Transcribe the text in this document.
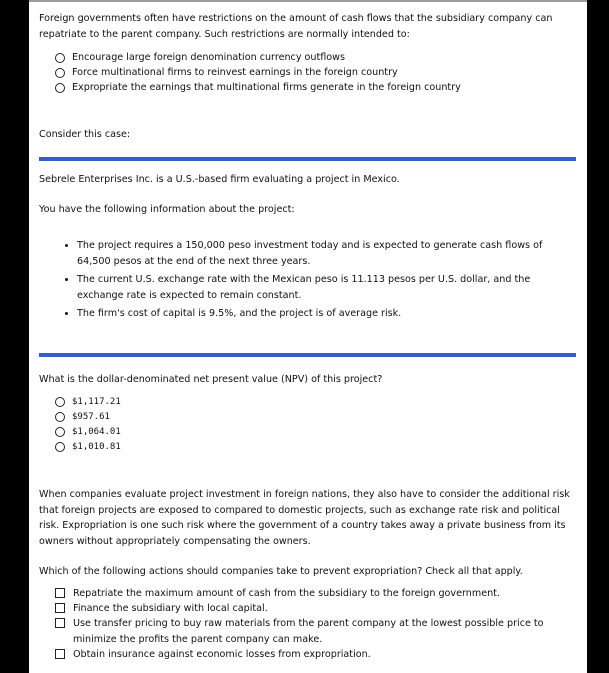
Foreign governments often have restrictions on the amount of cash flows that the subsidiary company can repatriate to the parent company. Such restrictions are normally intended to:
Encourage large foreign denomination currency outflows
Force multinational firms to reinvest earnings in the foreign country
Expropriate the earnings that multinational firms generate in the foreign country
Consider this case:
Sebrele Enterprises Inc. is a U.S.-based firm evaluating a project in Mexico.
You have the following information about the project:
• The project requires a 150,000 peso investment today and is expected to generate cash flows of 64,500 pesos at the end of the next three years.
• The current U.S. exchange rate with the Mexican peso is 11.113 pesos per U.S. dollar, and the exchange rate is expected to remain constant.
• The firm's cost of capital is 9.5%, and the project is of average risk.
What is the dollar-denominated net present value (NPV) of this project?
$1,117.21
$957.61
$1,064.01
$1,010.81
When companies evaluate project investment in foreign nations, they also have to consider the additional risk that foreign projects are exposed to compared to domestic projects, such as exchange rate risk and political risk. Expropriation is one such risk where the government of a country takes away a private business from its owners without appropriately compensating the owners.
Which of the following actions should companies take to prevent expropriation? Check all that apply.
Repatriate the maximum amount of cash from the subsidiary to the foreign government.
Finance the subsidiary with local capital.
Use transfer pricing to buy raw materials from the parent company at the lowest possible price to minimize the profits the parent company can make.
Obtain insurance against economic losses from expropriation.
